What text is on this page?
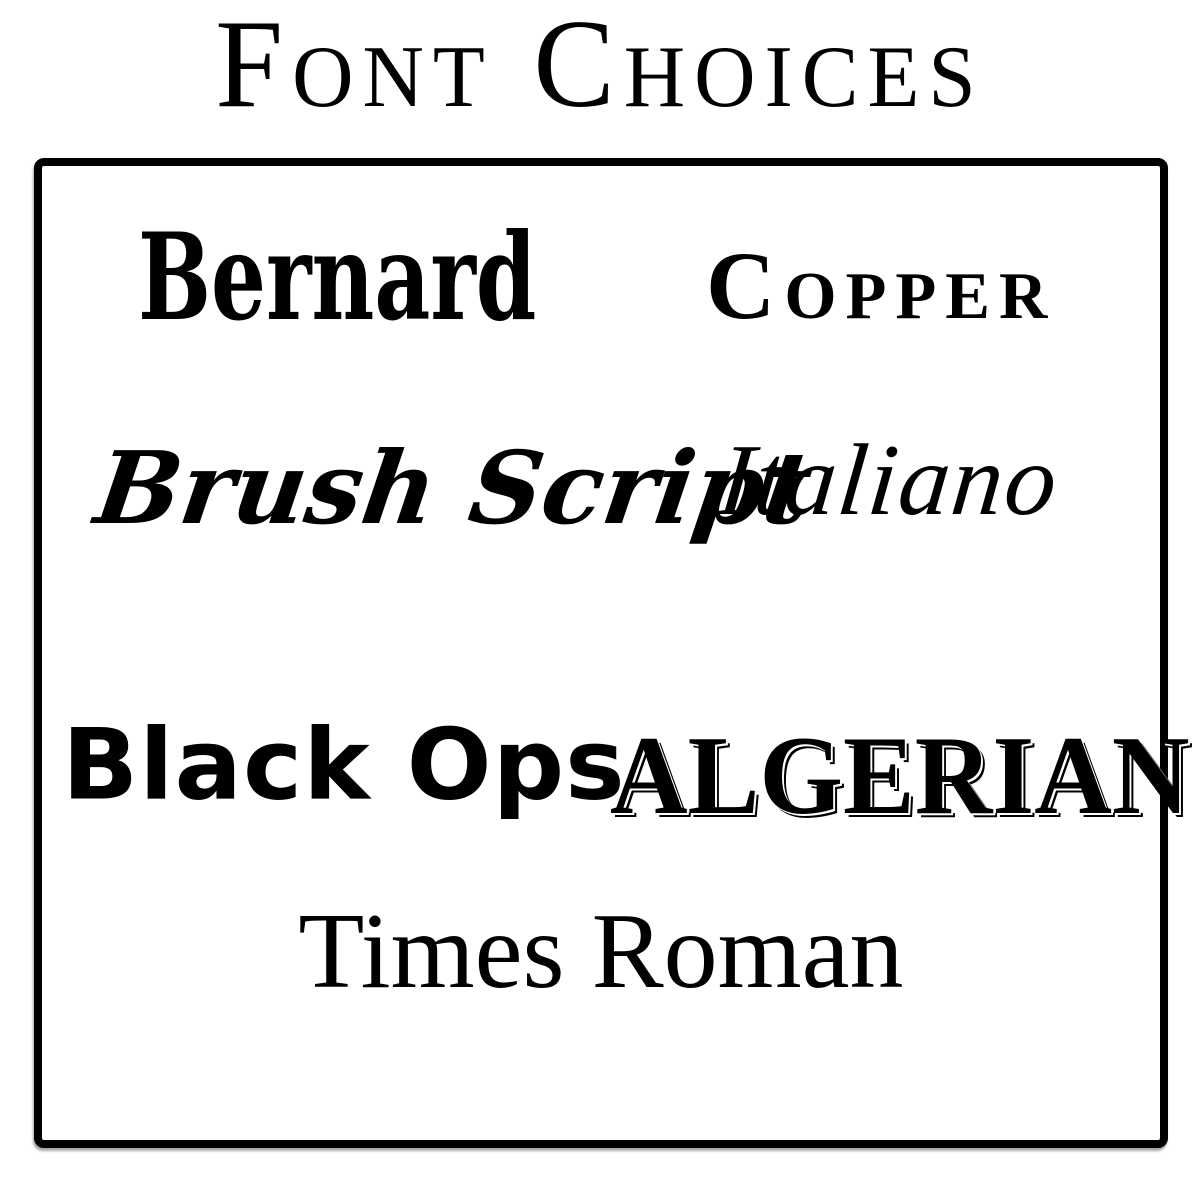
Font Choices
Bernard Copper
Brush Script
Italiano
Black Ops
ALGERIAN
Times Roman
